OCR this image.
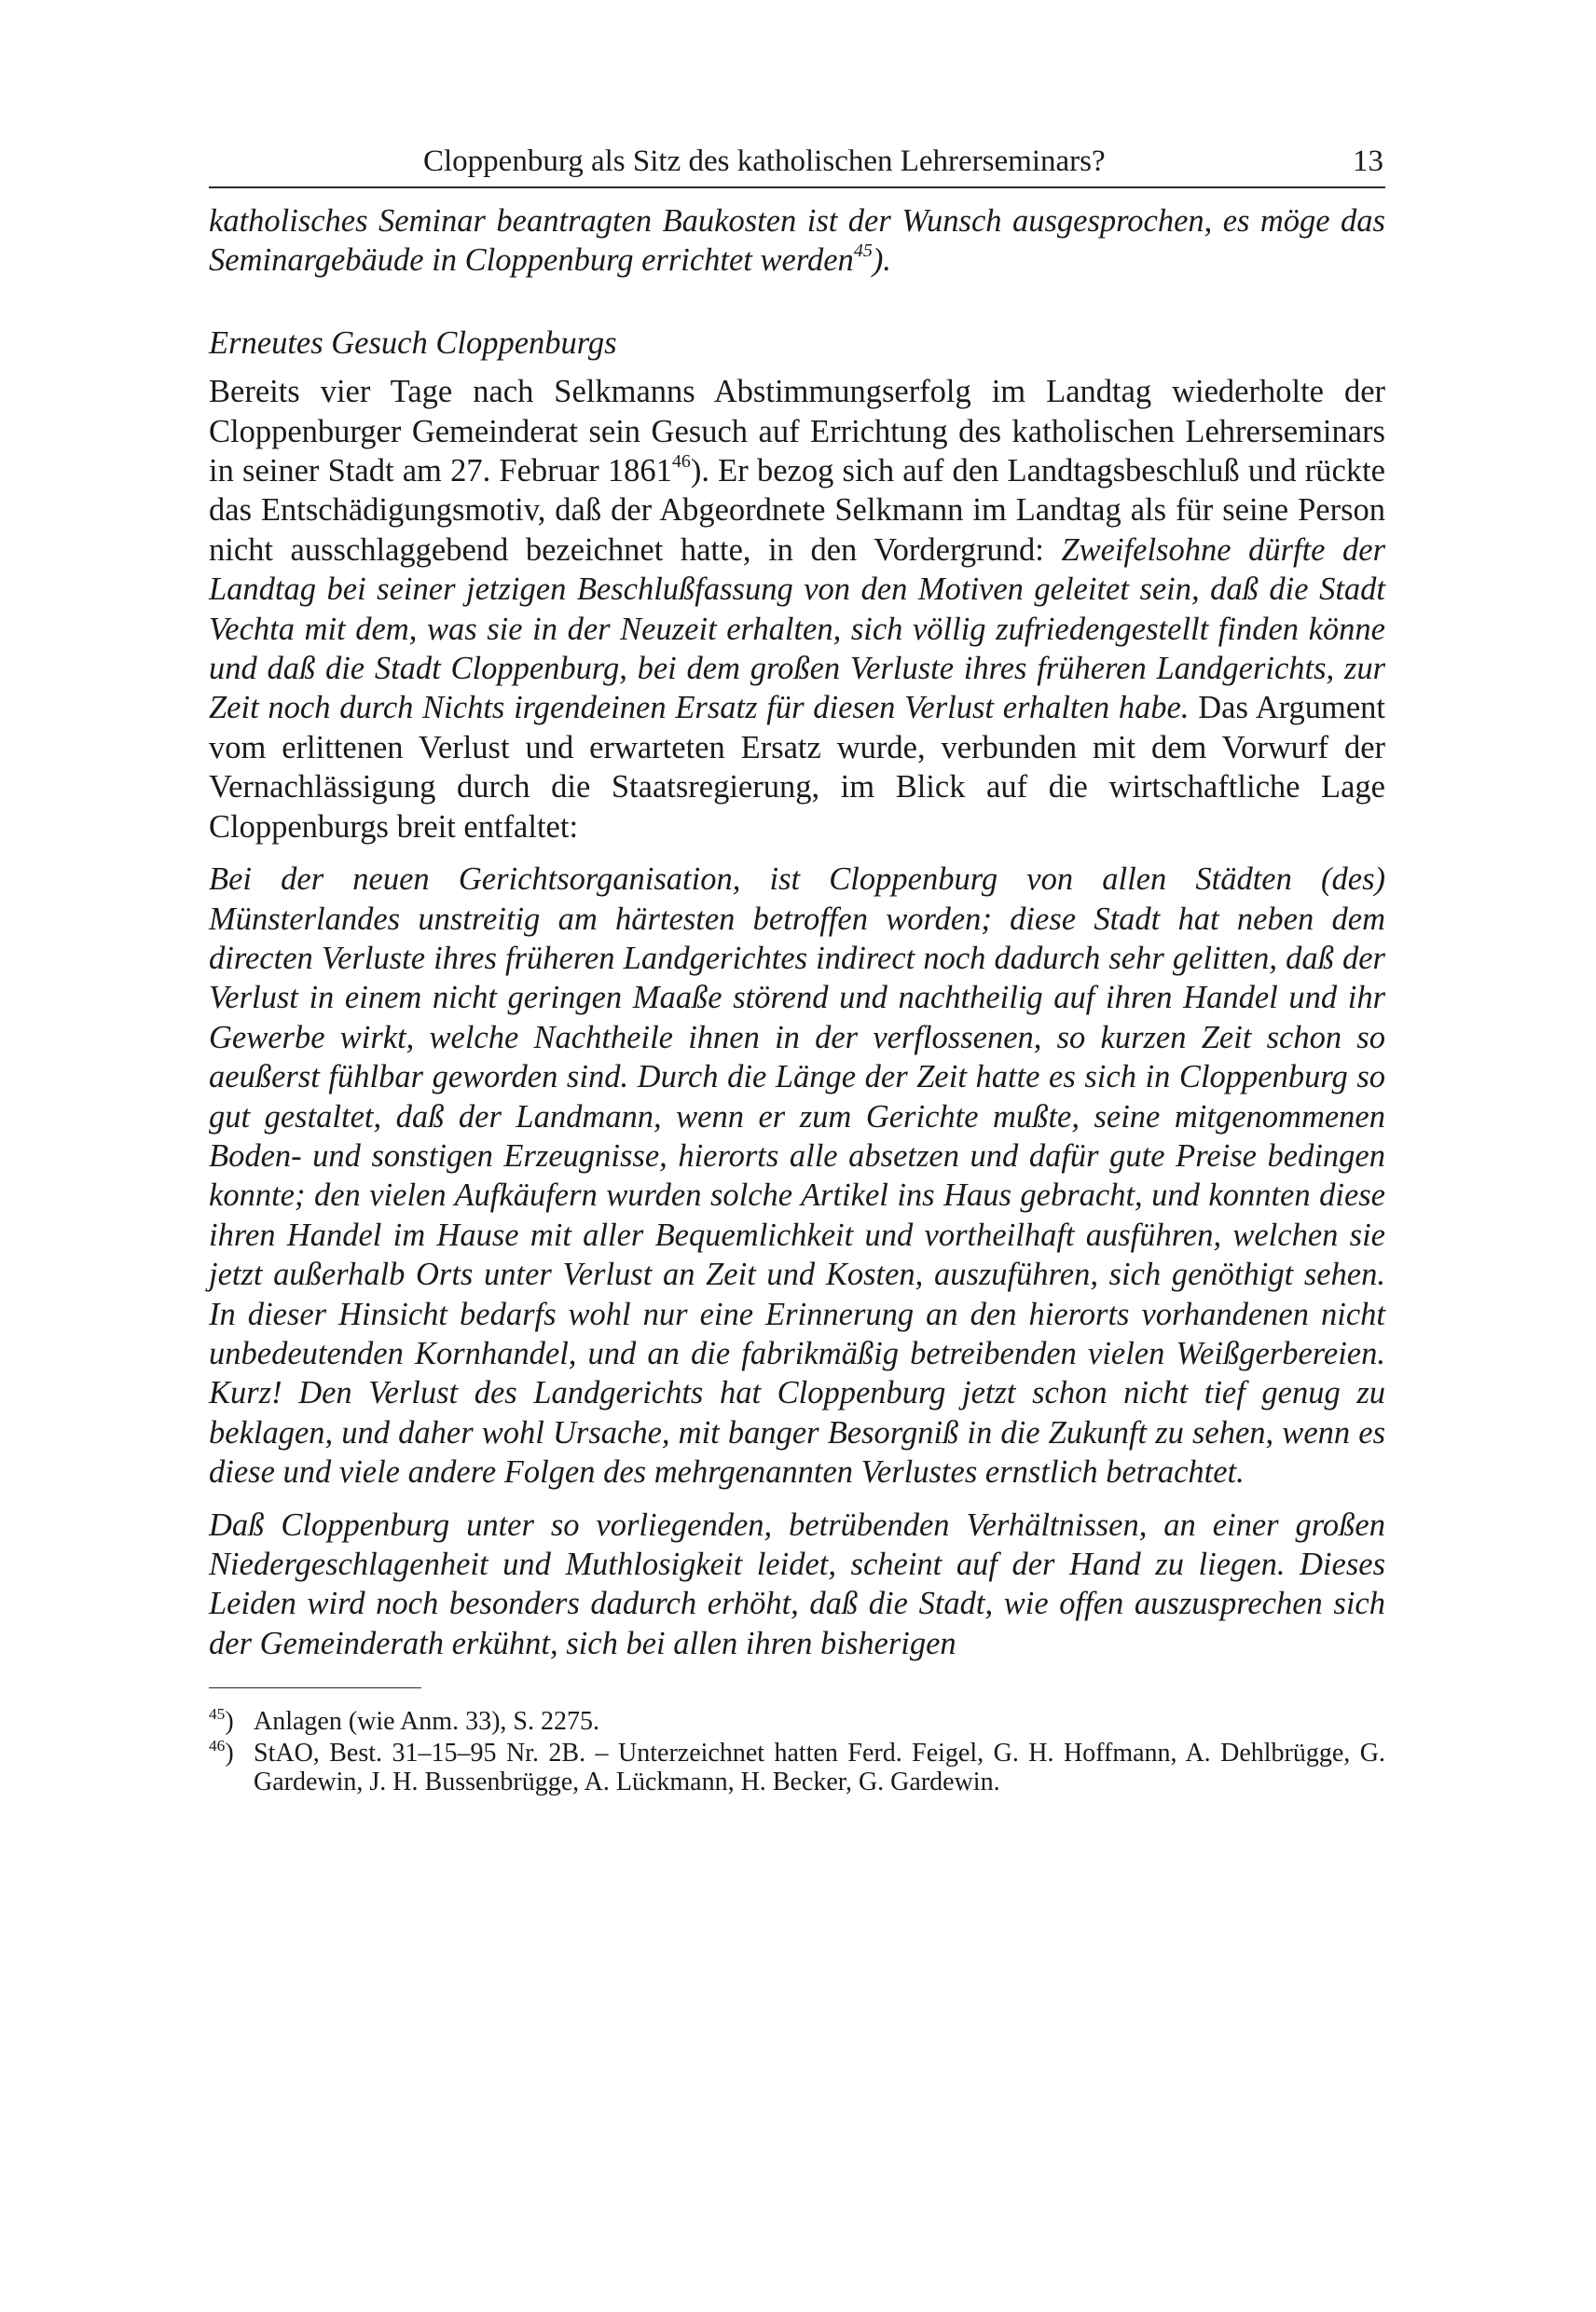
Cloppenburg als Sitz des katholischen Lehrerseminars?	13

katholisches Seminar beantragten Baukosten ist der Wunsch ausgesprochen, es möge das Seminargebäude in Cloppenburg errichtet werden$^{45}$).

Erneutes Gesuch Cloppenburgs

Bereits vier Tage nach Selkmanns Abstimmungserfolg im Landtag wiederholte der Cloppenburger Gemeinderat sein Gesuch auf Errichtung des katholischen Lehrerseminars in seiner Stadt am 27. Februar 1861$^{46}$). Er bezog sich auf den Landtagsbeschluß und rückte das Entschädigungsmotiv, daß der Abgeordnete Selkmann im Landtag als für seine Person nicht ausschlaggebend bezeichnet hatte, in den Vordergrund: Zweifelsohne dürfte der Landtag bei seiner jetzigen Beschlußfassung von den Motiven geleitet sein, daß die Stadt Vechta mit dem, was sie in der Neuzeit erhalten, sich völlig zufriedengestellt finden könne und daß die Stadt Cloppenburg, bei dem großen Verluste ihres früheren Landgerichts, zur Zeit noch durch Nichts irgendeinen Ersatz für diesen Verlust erhalten habe. Das Argument vom erlittenen Verlust und erwarteten Ersatz wurde, verbunden mit dem Vorwurf der Vernachlässigung durch die Staatsregierung, im Blick auf die wirtschaftliche Lage Cloppenburgs breit entfaltet:

Bei der neuen Gerichtsorganisation, ist Cloppenburg von allen Städten (des) Münsterlandes unstreitig am härtesten betroffen worden; diese Stadt hat neben dem directen Verluste ihres früheren Landgerichtes indirect noch dadurch sehr gelitten, daß der Verlust in einem nicht geringen Maaße störend und nachtheilig auf ihren Handel und ihr Gewerbe wirkt, welche Nachtheile ihnen in der verflossenen, so kurzen Zeit schon so aeußerst fühlbar geworden sind. Durch die Länge der Zeit hatte es sich in Cloppenburg so gut gestaltet, daß der Landmann, wenn er zum Gerichte mußte, seine mitgenommenen Boden- und sonstigen Erzeugnisse, hierorts alle absetzen und dafür gute Preise bedingen konnte; den vielen Aufkäufern wurden solche Artikel ins Haus gebracht, und konnten diese ihren Handel im Hause mit aller Bequemlichkeit und vortheilhaft ausführen, welchen sie jetzt außerhalb Orts unter Verlust an Zeit und Kosten, auszuführen, sich genöthigt sehen. In dieser Hinsicht bedarfs wohl nur eine Erinnerung an den hierorts vorhandenen nicht unbedeutenden Kornhandel, und an die fabrikmäßig betreibenden vielen Weißgerbereien. Kurz! Den Verlust des Landgerichts hat Cloppenburg jetzt schon nicht tief genug zu beklagen, und daher wohl Ursache, mit banger Besorgniß in die Zukunft zu sehen, wenn es diese und viele andere Folgen des mehrgenannten Verlustes ernstlich betrachtet.

Daß Cloppenburg unter so vorliegenden, betrübenden Verhältnissen, an einer großen Niedergeschlagenheit und Muthlosigkeit leidet, scheint auf der Hand zu liegen. Dieses Leiden wird noch besonders dadurch erhöht, daß die Stadt, wie offen auszusprechen sich der Gemeinderath erkühnt, sich bei allen ihren bisherigen

$^{45}$) Anlagen (wie Anm. 33), S. 2275.
$^{46}$) StAO, Best. 31–15–95 Nr. 2B. – Unterzeichnet hatten Ferd. Feigel, G. H. Hoffmann, A. Dehlbrügge, G. Gardewin, J. H. Bussenbrügge, A. Lückmann, H. Becker, G. Gardewin.
